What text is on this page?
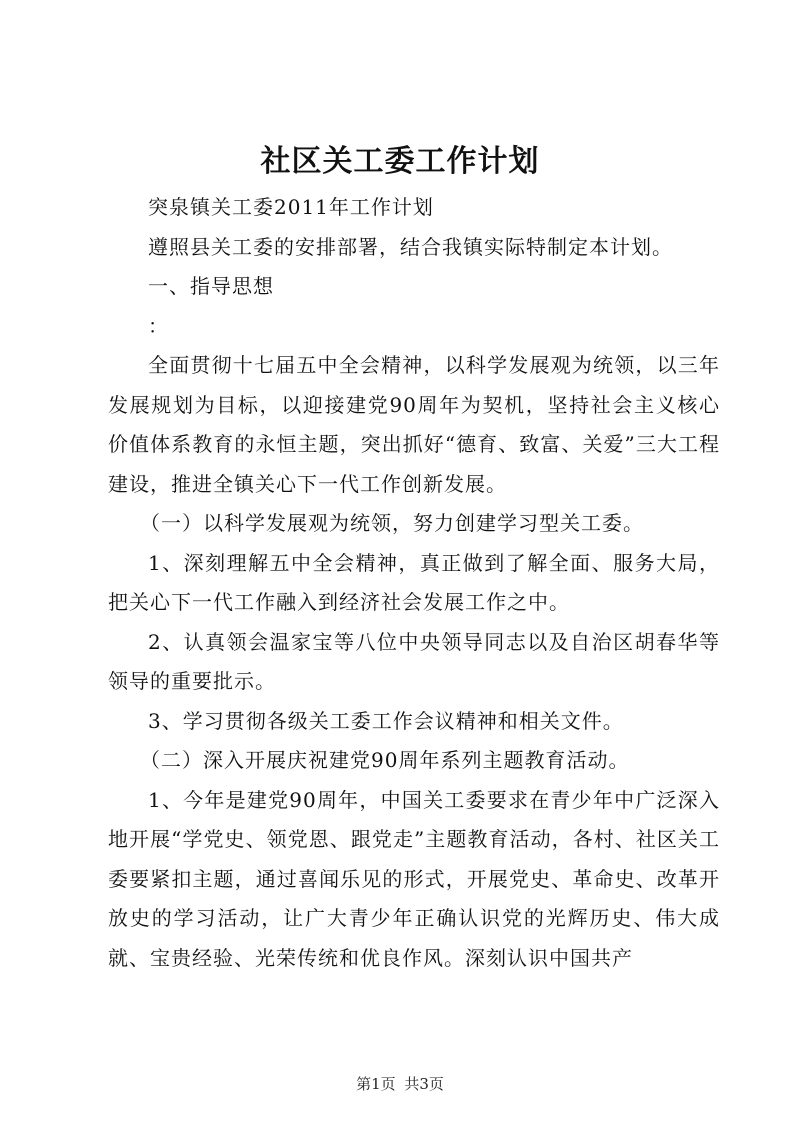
社区关工委工作计划

突泉镇关工委2011年工作计划

遵照县关工委的安排部署，结合我镇实际特制定本计划。

一、指导思想

：

全面贯彻十七届五中全会精神，以科学发展观为统领，以三年发展规划为目标，以迎接建党90周年为契机，坚持社会主义核心价值体系教育的永恒主题，突出抓好“德育、致富、关爱”三大工程建设，推进全镇关心下一代工作创新发展。

（一）以科学发展观为统领，努力创建学习型关工委。

1、深刻理解五中全会精神，真正做到了解全面、服务大局，把关心下一代工作融入到经济社会发展工作之中。

2、认真领会温家宝等八位中央领导同志以及自治区胡春华等领导的重要批示。

3、学习贯彻各级关工委工作会议精神和相关文件。

（二）深入开展庆祝建党90周年系列主题教育活动。

1、今年是建党90周年，中国关工委要求在青少年中广泛深入地开展“学党史、领党恩、跟党走”主题教育活动，各村、社区关工委要紧扣主题，通过喜闻乐见的形式，开展党史、革命史、改革开放史的学习活动，让广大青少年正确认识党的光辉历史、伟大成就、宝贵经验、光荣传统和优良作风。深刻认识中国共产

第1页 共3页
